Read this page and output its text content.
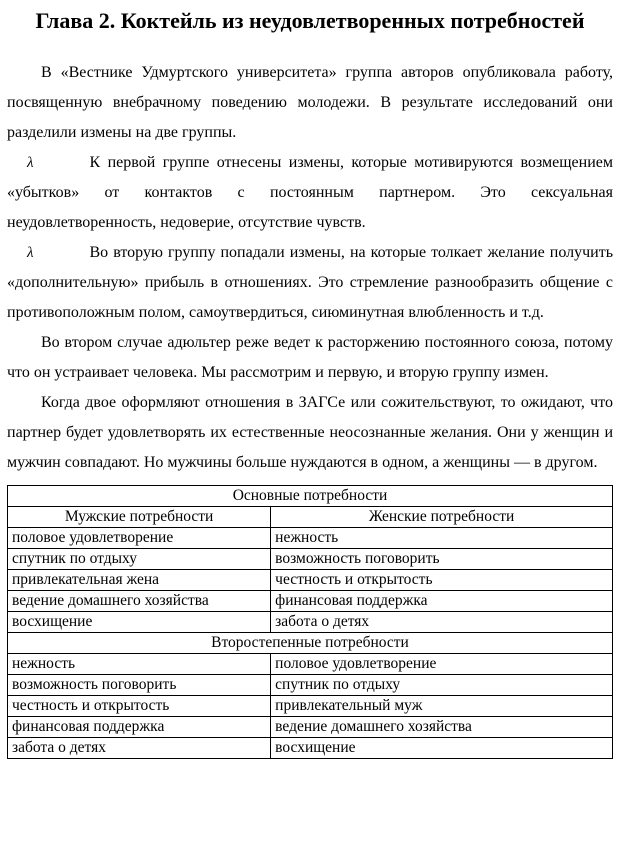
Глава 2. Коктейль из неудовлетворенных потребностей

В «Вестнике Удмуртского университета» группа авторов опубликовала работу, посвященную внебрачному поведению молодежи. В результате исследований они разделили измены на две группы.

λ	К первой группе отнесены измены, которые мотивируются возмещением «убытков» от контактов с постоянным партнером. Это сексуальная неудовлетворенность, недоверие, отсутствие чувств.

λ	Во вторую группу попадали измены, на которые толкает желание получить «дополнительную» прибыль в отношениях. Это стремление разнообразить общение с противоположным полом, самоутвердиться, сиюминутная влюбленность и т.д.

Во втором случае адюльтер реже ведет к расторжению постоянного союза, потому что он устраивает человека. Мы рассмотрим и первую, и вторую группу измен.

Когда двое оформляют отношения в ЗАГСе или сожительствуют, то ожидают, что партнер будет удовлетворять их естественные неосознанные желания. Они у женщин и мужчин совпадают. Но мужчины больше нуждаются в одном, а женщины — в другом.

Основные потребности	
Мужские потребности	Женские потребности
половое удовлетворение	нежность
спутник по отдыху	возможность поговорить
привлекательная жена	честность и открытость
ведение домашнего хозяйства	финансовая поддержка
восхищение	забота о детях
Второстепенные потребности	
нежность	половое удовлетворение
возможность поговорить	спутник по отдыху
честность и открытость	привлекательный муж
финансовая поддержка	ведение домашнего хозяйства
забота о детях	восхищение
